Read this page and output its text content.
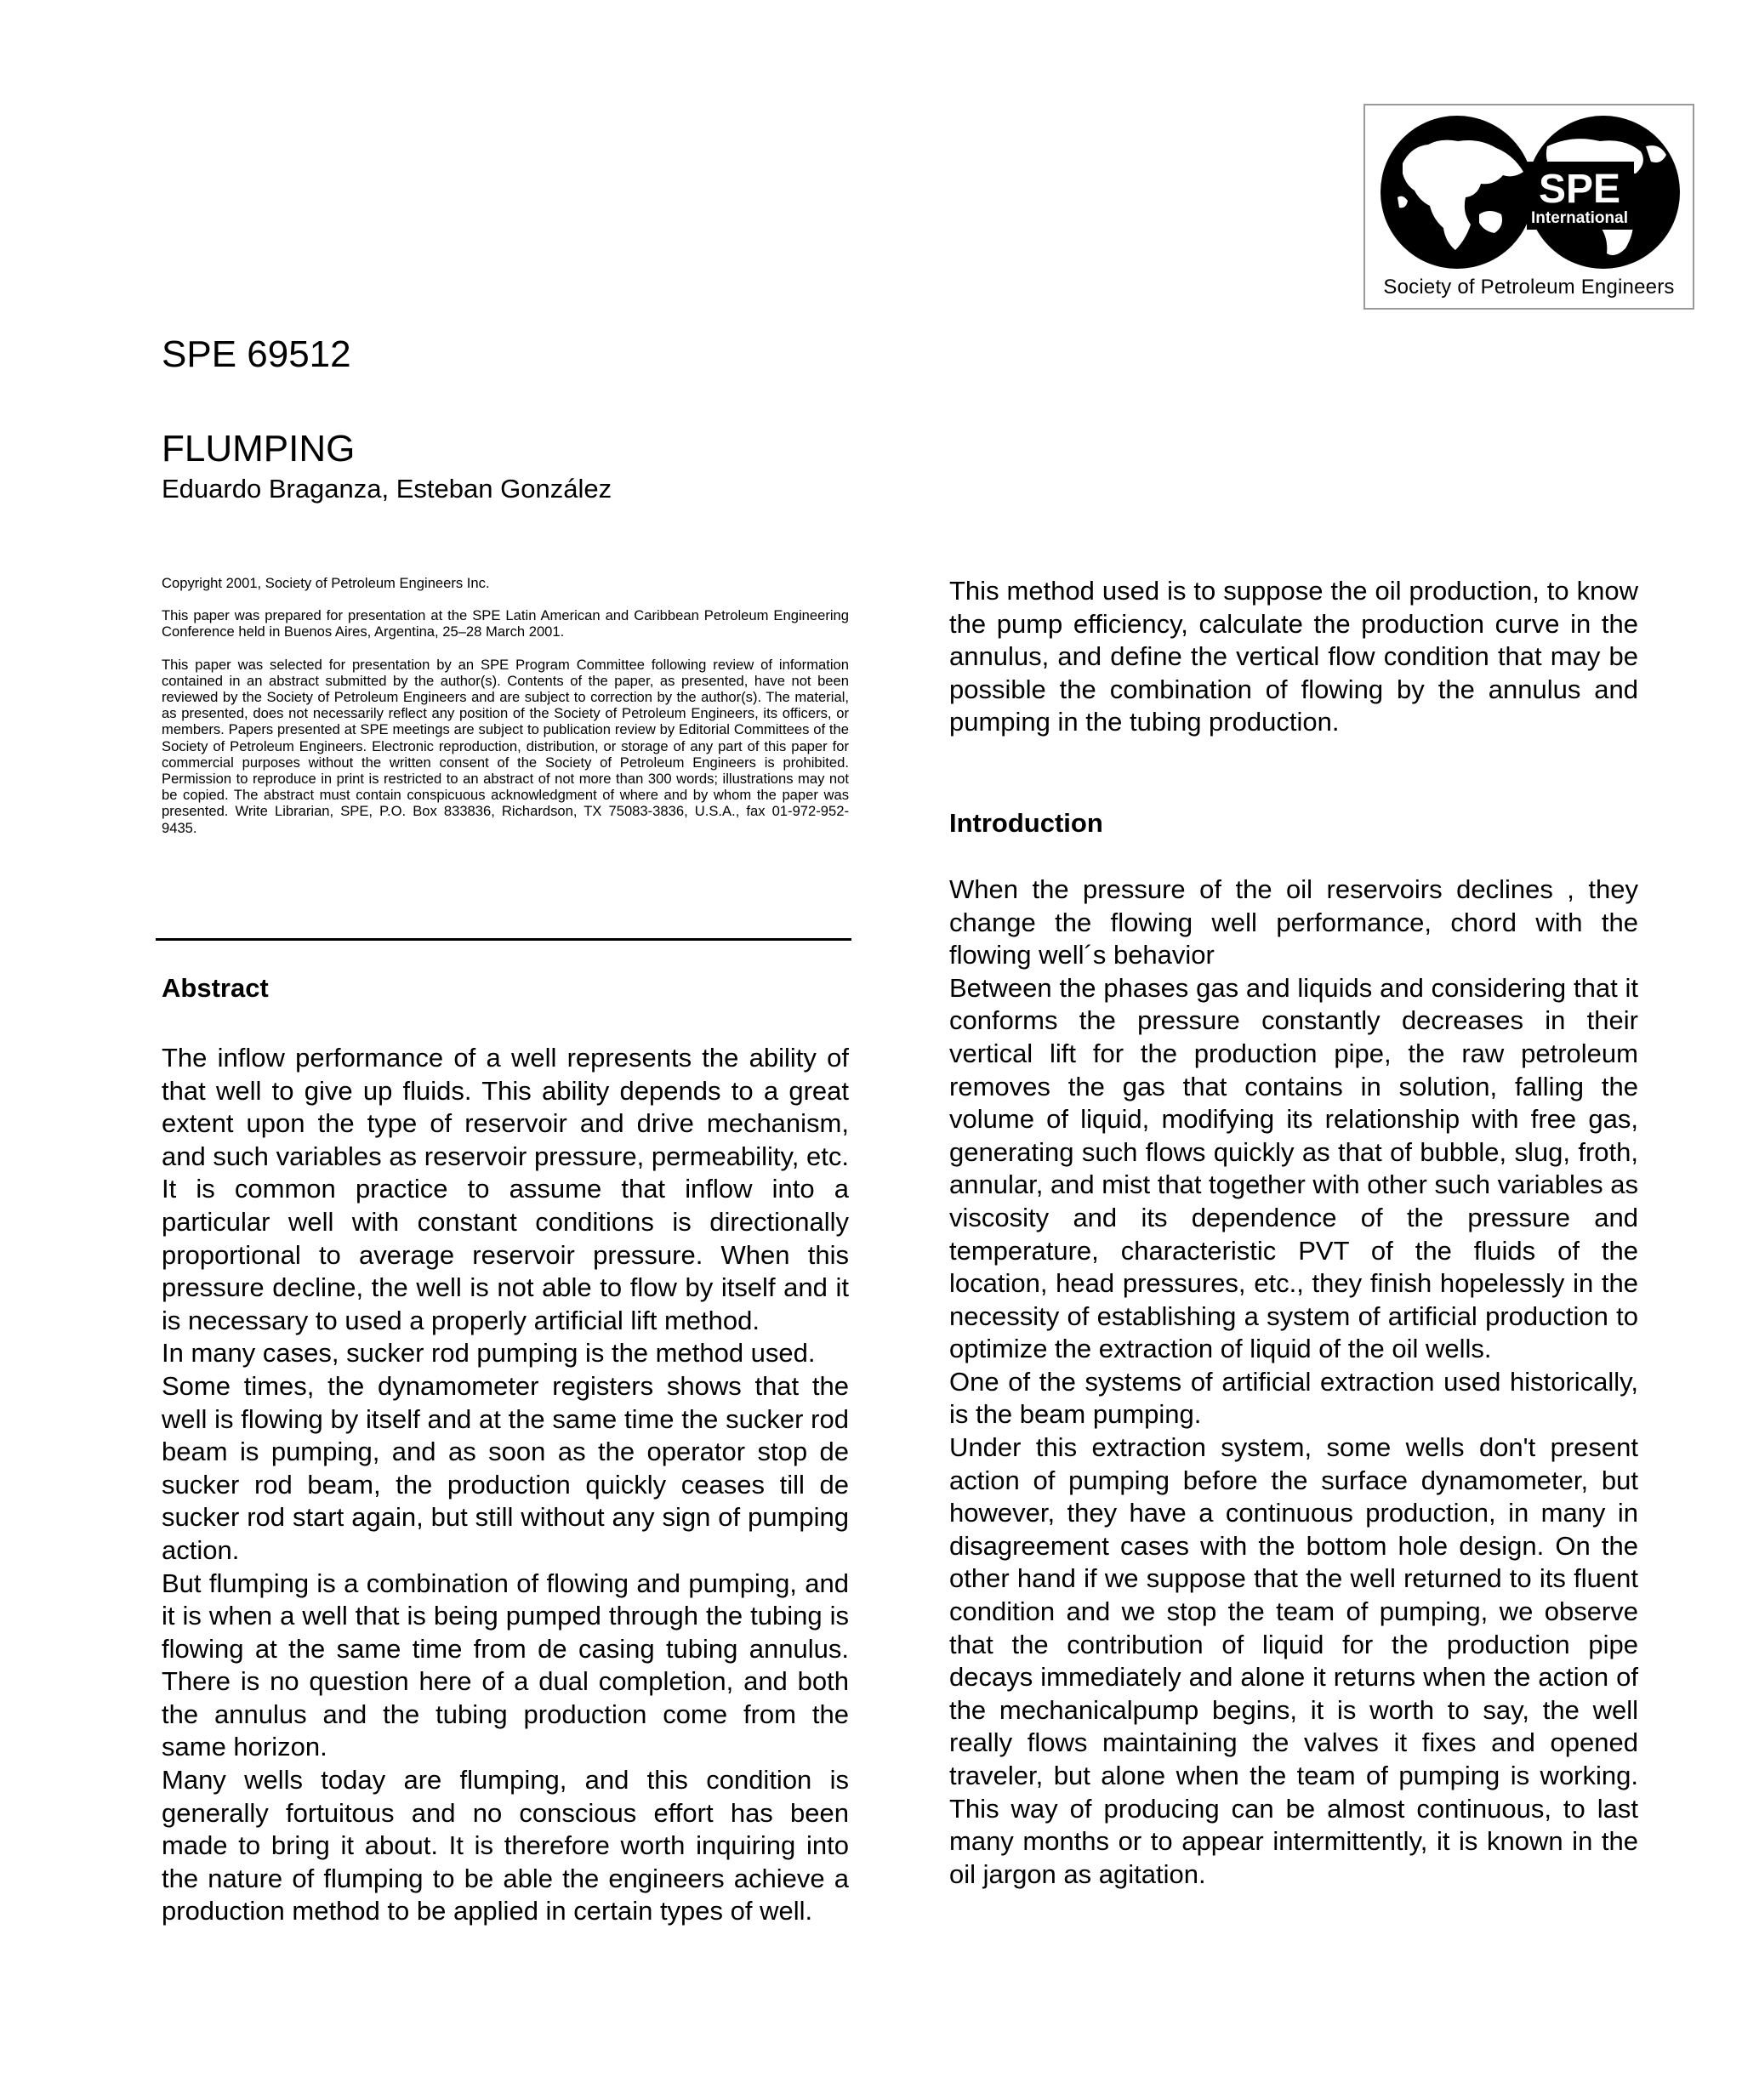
SPE
International
Society of Petroleum Engineers
SPE 69512
FLUMPING
Eduardo Braganza, Esteban González

Copyright 2001, Society of Petroleum Engineers Inc.

This paper was prepared for presentation at the SPE Latin American and Caribbean Petroleum Engineering Conference held in Buenos Aires, Argentina, 25–28 March 2001.

This paper was selected for presentation by an SPE Program Committee following review of information contained in an abstract submitted by the author(s). Contents of the paper, as presented, have not been reviewed by the Society of Petroleum Engineers and are subject to correction by the author(s). The material, as presented, does not necessarily reflect any position of the Society of Petroleum Engineers, its officers, or members. Papers presented at SPE meetings are subject to publication review by Editorial Committees of the Society of Petroleum Engineers. Electronic reproduction, distribution, or storage of any part of this paper for commercial purposes without the written consent of the Society of Petroleum Engineers is prohibited. Permission to reproduce in print is restricted to an abstract of not more than 300 words; illustrations may not be copied. The abstract must contain conspicuous acknowledgment of where and by whom the paper was presented. Write Librarian, SPE, P.O. Box 833836, Richardson, TX 75083-3836, U.S.A., fax 01-972-952-9435.

Abstract

The inflow performance of a well represents the ability of that well to give up fluids. This ability depends to a great extent upon the type of reservoir and drive mechanism, and such variables as reservoir pressure, permeability, etc. It is common practice to assume that inflow into a particular well with constant conditions is directionally proportional to average reservoir pressure. When this pressure decline, the well is not able to flow by itself and it is necessary to used a properly artificial lift method.

In many cases, sucker rod pumping is the method used.

Some times, the dynamometer registers shows that the well is flowing by itself and at the same time the sucker rod beam is pumping, and as soon as the operator stop de sucker rod beam, the production quickly ceases till de sucker rod start again, but still without any sign of pumping action.

But flumping is a combination of flowing and pumping, and it is when a well that is being pumped through the tubing is flowing at the same time from de casing tubing annulus. There is no question here of a dual completion, and both the annulus and the tubing production come from the same horizon.

Many wells today are flumping, and this condition is generally fortuitous and no conscious effort has been made to bring it about. It is therefore worth inquiring into the nature of flumping to be able the engineers achieve a production method to be applied in certain types of well.

This method used is to suppose the oil production, to know the pump efficiency, calculate the production curve in the annulus, and define the vertical flow condition that may be possible the combination of flowing by the annulus and pumping in the tubing production.

Introduction

When the pressure of the oil reservoirs declines , they change the flowing well performance, chord with the flowing well´s behavior

Between the phases gas and liquids and considering that it conforms the pressure constantly decreases in their vertical lift for the production pipe, the raw petroleum removes the gas that contains in solution, falling the volume of liquid, modifying its relationship with free gas, generating such flows quickly as that of bubble, slug, froth, annular, and mist that together with other such variables as viscosity and its dependence of the pressure and temperature, characteristic PVT of the fluids of the location, head pressures, etc., they finish hopelessly in the necessity of establishing a system of artificial production to optimize the extraction of liquid of the oil wells.

One of the systems of artificial extraction used historically, is the beam pumping.

Under this extraction system, some wells don't present action of pumping before the surface dynamometer, but however, they have a continuous production, in many in disagreement cases with the bottom hole design. On the other hand if we suppose that the well returned to its fluent condition and we stop the team of pumping, we observe that the contribution of liquid for the production pipe decays immediately and alone it returns when the action of the mechanicalpump begins, it is worth to say, the well really flows maintaining the valves it fixes and opened traveler, but alone when the team of pumping is working. This way of producing can be almost continuous, to last many months or to appear intermittently, it is known in the oil jargon as agitation.
